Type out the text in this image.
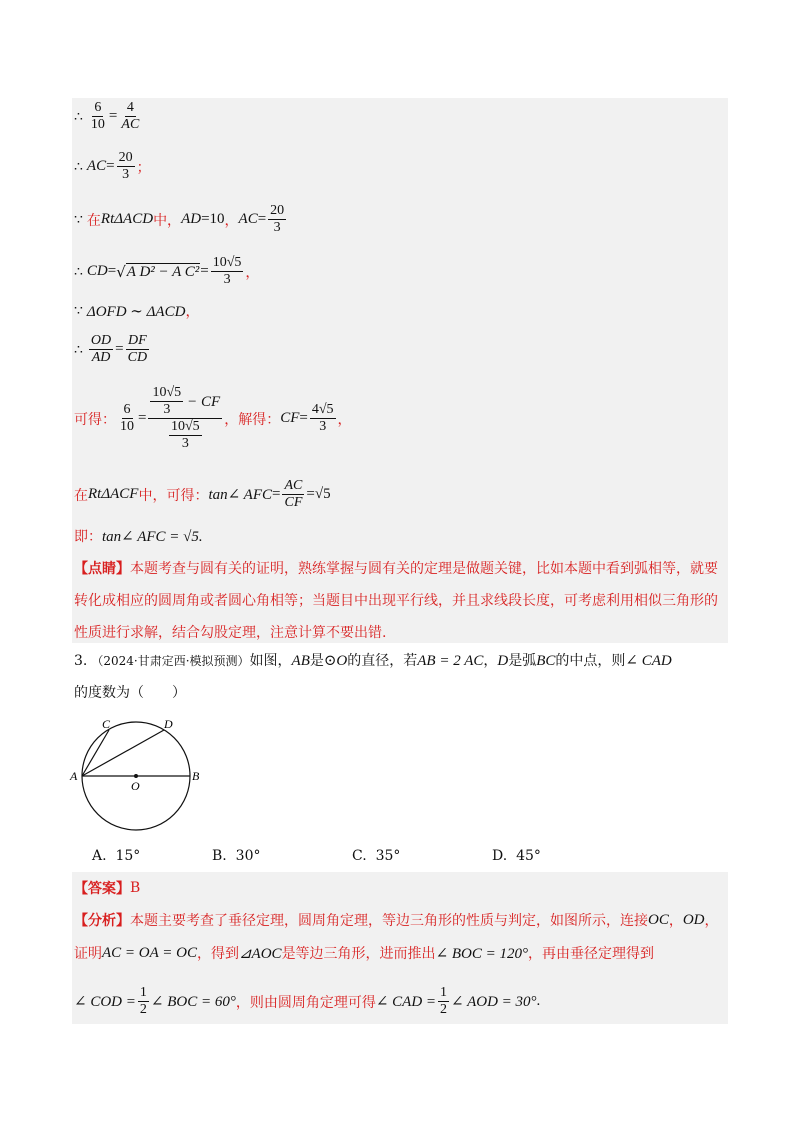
∴ $\frac{6}{10} = \frac{4}{AC}$
∴ AC = $\frac{20}{3}$ ；
∵ 在 RtΔACD 中， AD = 10 ， AC = $\frac{20}{3}$
∴ CD = √ A D² − A $C^2 = \frac{10√5}{3}$ ，
∵ ΔOFD ∼ ΔACD ，
∴ $\frac{OD}{AD} = \frac{DF}{CD}$
可得： $\frac{6}{10} = \frac{\frac{10√5}{3} - CF}{\frac{10√5}{3}}$ ，解得： CF = $\frac{4√5}{3}$ ，
在 RtΔACF 中，可得： tan∠ AFC = $\frac{AC}{CF} = √5$
即： tan∠ AFC = √5.
【点睛】本题考查与圆有关的证明，熟练掌握与圆有关的定理是做题关键，比如本题中看到弧相等，就要
转化成相应的圆周角或者圆心角相等；当题目中出现平行线，并且求线段长度，可考虑利用相似三角形的
性质进行求解，结合勾股定理，注意计算不要出错.
3. （2024·甘肃定西·模拟预测） 如图， AB 是 ⊙O 的直径，若 AB = 2 AC ， D 是弧 BC 的中点，则 ∠ CAD
的度数为（　　）
A	B
C	D
O
A. 15°	B. 30°	C. 35°	D. 45°
【答案】 B
【分析】 本题主要考查了垂径定理，圆周角定理，等边三角形的性质与判定，如图所示，连接 OC ， OD ，
证明 AC = OA = OC ，得到 ⊿AOC 是等边三角形，进而推出 ∠ BOC = 120° ，再由垂径定理得到
∠ COD = $\frac{1}{2}$ ∠ BOC = 60° ，则由圆周角定理可得 ∠ CAD = $\frac{1}{2}$ ∠ AOD = 30° .
